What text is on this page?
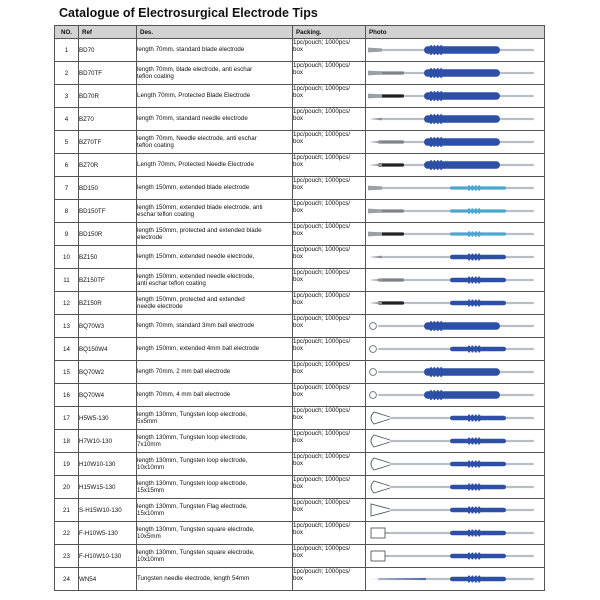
Catalogue of Electrosurgical Electrode Tips
NO.	Ref	Des.	Packing.	Photo
1	BD70	length 70mm, standard blade electrode	1pc/pouch; 1000pcs/
box	

2	BD70TF	length 70mm, blade electrode, anti eschar
teflon coating	1pc/pouch; 1000pcs/
box	

3	BD70R	Length 70mm, Protected Blade Electrode	1pc/pouch; 1000pcs/
box	

4	BZ70	length 70mm, standard needle electrode	1pc/pouch; 1000pcs/
box	

5	BZ70TF	length 70mm, Needle electrode, anti eschar
teflon coating	1pc/pouch; 1000pcs/
box	

6	BZ70R	Length 70mm, Protected Needle Electrode	1pc/pouch; 1000pcs/
box	

7	BD150	length 150mm, extended blade electrode	1pc/pouch; 1000pcs/
box	

8	BD150TF	length 150mm, extended blade electrode, anti
eschar teflon coating	1pc/pouch; 1000pcs/
box	

9	BD150R	length 150mm, protected and extended blade
electrode	1pc/pouch; 1000pcs/
box	

10	BZ150	length 150mm, extended needle electrode,	1pc/pouch; 1000pcs/
box	

11	BZ150TF	length 150mm, extended needle electrode,
anti eschar teflon coating	1pc/pouch; 1000pcs/
box	

12	BZ150R	length 150mm, protected and extended
needle electrode	1pc/pouch; 1000pcs/
box	

13	BQ70W3	length 70mm, standard 3mm ball electrode	1pc/pouch; 1000pcs/
box	

14	BQ150W4	length 150mm, extended 4mm ball electrode	1pc/pouch; 1000pcs/
box	

15	BQ70W2	length 70mm, 2 mm ball electrode	1pc/pouch; 1000pcs/
box	

16	BQ70W4	length 70mm, 4 mm ball electrode	1pc/pouch; 1000pcs/
box	

17	H5W5-130	length 130mm, Tungsten loop electrode,
5x5mm	1pc/pouch; 1000pcs/
box	

18	H7W10-130	length 130mm, Tungsten loop electrode,
7x10mm	1pc/pouch; 1000pcs/
box	

19	H10W10-130	length 130mm, Tungsten loop electrode,
10x10mm	1pc/pouch; 1000pcs/
box	

20	H15W15-130	length 130mm, Tungsten loop electrode,
15x15mm	1pc/pouch; 1000pcs/
box	

21	S-H15W10-130	length 130mm, Tungsten Flag electrode,
15x10mm	1pc/pouch; 1000pcs/
box	

22	F-H10W5-130	length 130mm, Tungsten square electrode,
10x5mm	1pc/pouch; 1000pcs/
box	

23	F-H10W10-130	length 130mm, Tungsten square electrode,
10x10mm	1pc/pouch; 1000pcs/
box	

24	WN54	Tungsten needle electrode, length 54mm	1pc/pouch; 1000pcs/
box	
